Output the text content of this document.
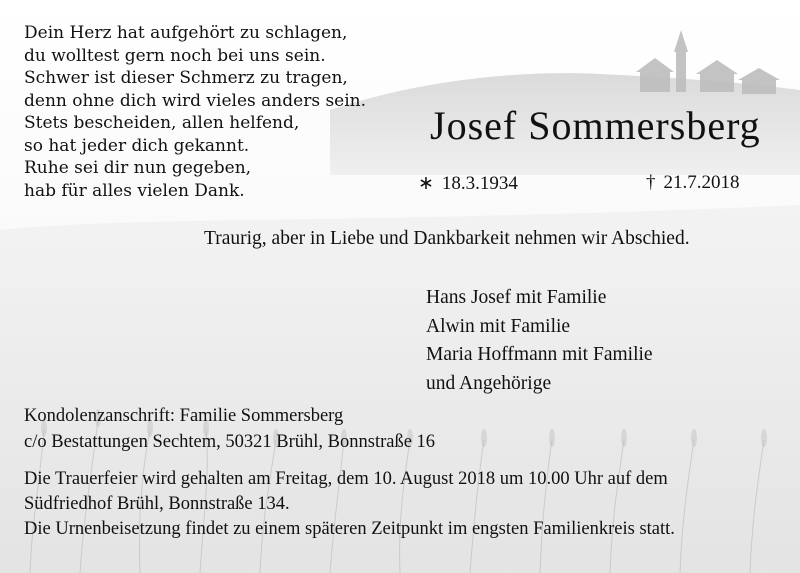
Dein Herz hat aufgehört zu schlagen,
du wolltest gern noch bei uns sein.
Schwer ist dieser Schmerz zu tragen,
denn ohne dich wird vieles anders sein.
Stets bescheiden, allen helfend,
so hat jeder dich gekannt.
Ruhe sei dir nun gegeben,
hab für alles vielen Dank.
Josef Sommersberg
∗ 18.3.1934	† 21.7.2018
Traurig, aber in Liebe und Dankbarkeit nehmen wir Abschied.
Hans Josef mit Familie
Alwin mit Familie
Maria Hoffmann mit Familie
und Angehörige
Kondolenzanschrift: Familie Sommersberg
c/o Bestattungen Sechtem, 50321 Brühl, Bonnstraße 16
Die Trauerfeier wird gehalten am Freitag, dem 10. August 2018 um 10.00 Uhr auf dem
Südfriedhof Brühl, Bonnstraße 134.
Die Urnenbeisetzung findet zu einem späteren Zeitpunkt im engsten Familienkreis statt.
